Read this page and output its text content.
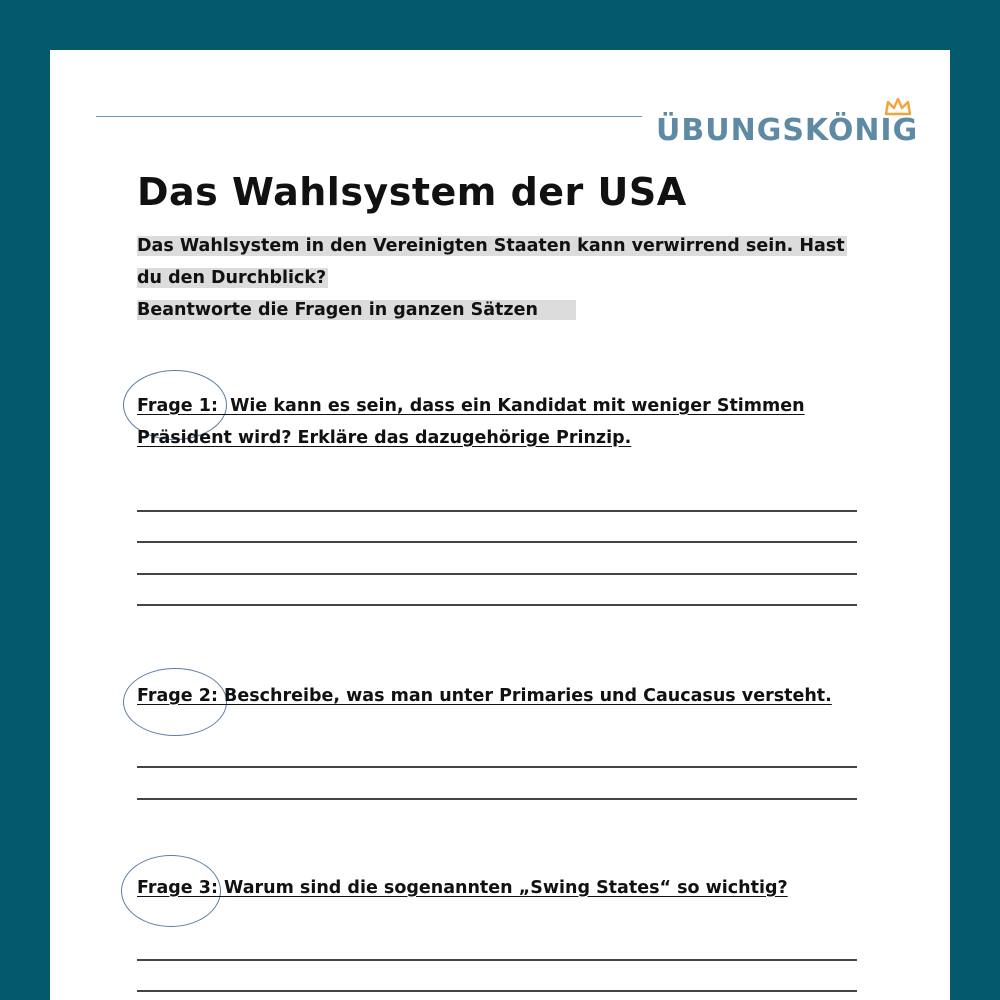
ÜBUNGSKÖNIG
Das Wahlsystem der USA
Das Wahlsystem in den Vereinigten Staaten kann verwirrend sein. Hast
du den Durchblick?
Beantworte die Fragen in ganzen Sätzen
Frage 1: Wie kann es sein, dass ein Kandidat mit weniger Stimmen
Präsident wird? Erkläre das dazugehörige Prinzip.
Frage 2: Beschreibe, was man unter Primaries und Caucasus versteht.
Frage 3: Warum sind die sogenannten „Swing States“ so wichtig?
